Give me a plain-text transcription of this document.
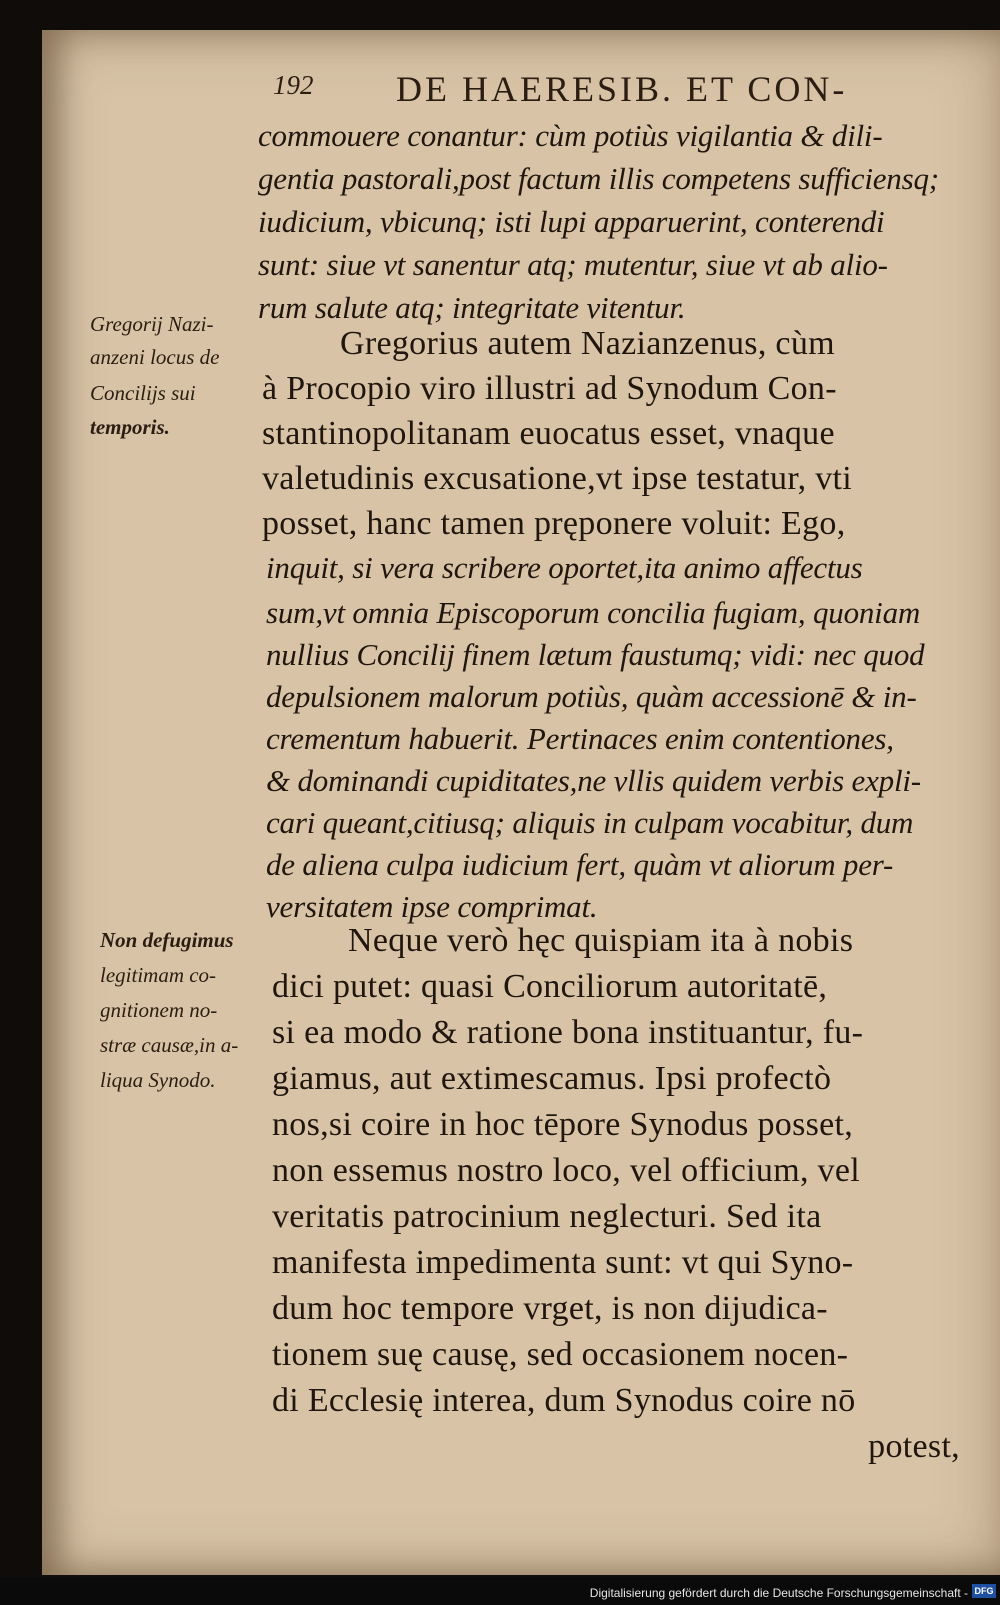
192 DE HAERESIB. ET CON-
commouere conantur: cùm potiùs vigilantia & dili-
gentia pastorali,post factum illis competens sufficiensq;
iudicium, vbicunq; isti lupi apparuerint, conterendi
sunt: siue vt sanentur atq; mutentur, siue vt ab alio-
rum salute atq; integritate vitentur.
Gregorius autem Nazianzenus, cùm
à Procopio viro illustri ad Synodum Con-
stantinopolitanam euocatus esset, vnaque
valetudinis excusatione,vt ipse testatur, vti
posset, hanc tamen pręponere voluit: Ego,
inquit, si vera scribere oportet,ita animo affectus
sum,vt omnia Episcoporum concilia fugiam, quoniam
nullius Concilij finem lætum faustumq; vidi: nec quod
depulsionem malorum potiùs, quàm accessionē & in-
crementum habuerit. Pertinaces enim contentiones,
& dominandi cupiditates,ne vllis quidem verbis expli-
cari queant,citiusq; aliquis in culpam vocabitur, dum
de aliena culpa iudicium fert, quàm vt aliorum per-
versitatem ipse comprimat.
Neque verò hęc quispiam ita à nobis
dici putet: quasi Conciliorum autoritatē,
si ea modo & ratione bona instituantur, fu-
giamus, aut extimescamus. Ipsi profectò
nos,si coire in hoc tēpore Synodus posset,
non essemus nostro loco, vel officium, vel
veritatis patrocinium neglecturi. Sed ita
manifesta impedimenta sunt: vt qui Syno-
dum hoc tempore vrget, is non dijudica-
tionem suę causę, sed occasionem nocen-
di Ecclesię interea, dum Synodus coire nō
potest,
Gregorij Nazi-
anzeni locus de
Concilijs sui
temporis.
Non defugimus
legitimam co-
gnitionem no-
stræ causæ,in a-
liqua Synodo.
Digitalisierung gefördert durch die Deutsche Forschungsgemeinschaft - DFG
